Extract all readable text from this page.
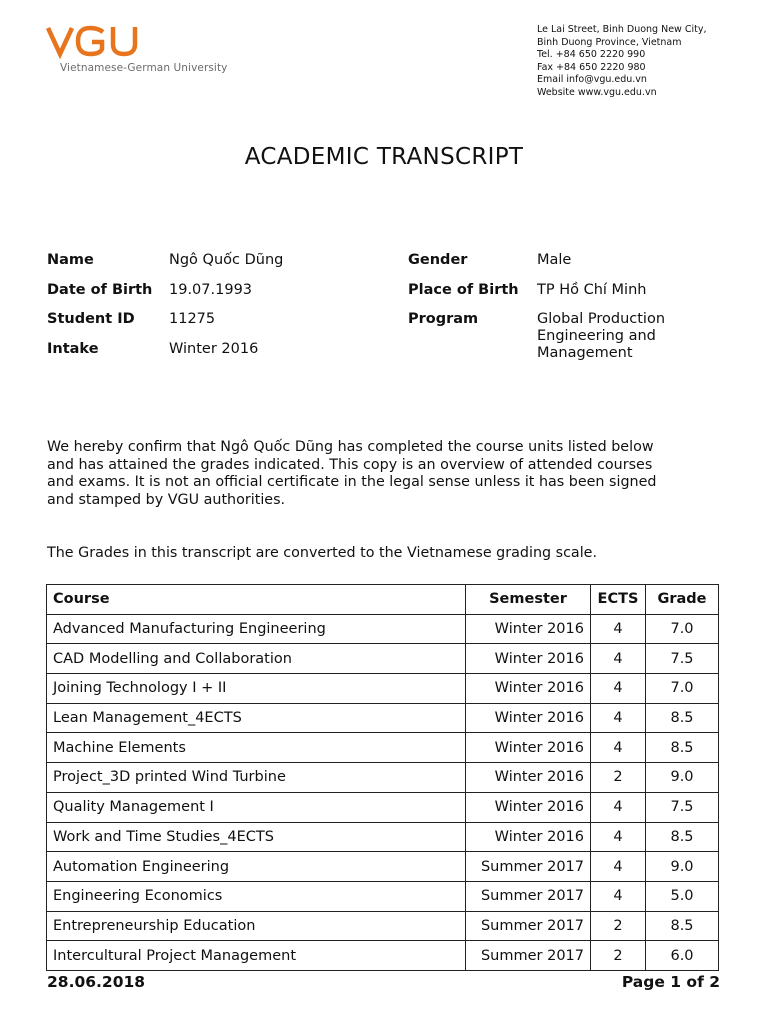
Vietnamese-German University
Le Lai Street, Binh Duong New City,
Binh Duong Province, Vietnam
Tel. +84 650 2220 990
Fax +84 650 2220 980
Email info@vgu.edu.vn
Website www.vgu.edu.vn
ACADEMIC TRANSCRIPT
Name	Ngô Quốc Dũng
Date of Birth 19.07.1993
Student ID 11275
Intake	Winter 2016
Gender	Male
Place of Birth TP Hồ Chí Minh
Program	Global Production
Engineering and
Management
We hereby confirm that Ngô Quốc Dũng has completed the course units listed below
and has attained the grades indicated. This copy is an overview of attended courses
and exams. It is not an official certificate in the legal sense unless it has been signed
and stamped by VGU authorities.
The Grades in this transcript are converted to the Vietnamese grading scale.
Course	Semester	ECTS	Grade
Advanced Manufacturing Engineering	Winter 2016	4	7.0
CAD Modelling and Collaboration	Winter 2016	4	7.5
Joining Technology I + II	Winter 2016	4	7.0
Lean Management_4ECTS	Winter 2016	4	8.5
Machine Elements	Winter 2016	4	8.5
Project_3D printed Wind Turbine	Winter 2016	2	9.0
Quality Management I	Winter 2016	4	7.5
Work and Time Studies_4ECTS	Winter 2016	4	8.5
Automation Engineering	Summer 2017	4	9.0
Engineering Economics	Summer 2017	4	5.0
Entrepreneurship Education	Summer 2017	2	8.5
Intercultural Project Management	Summer 2017	2	6.0
28.06.2018	Page 1 of 2
